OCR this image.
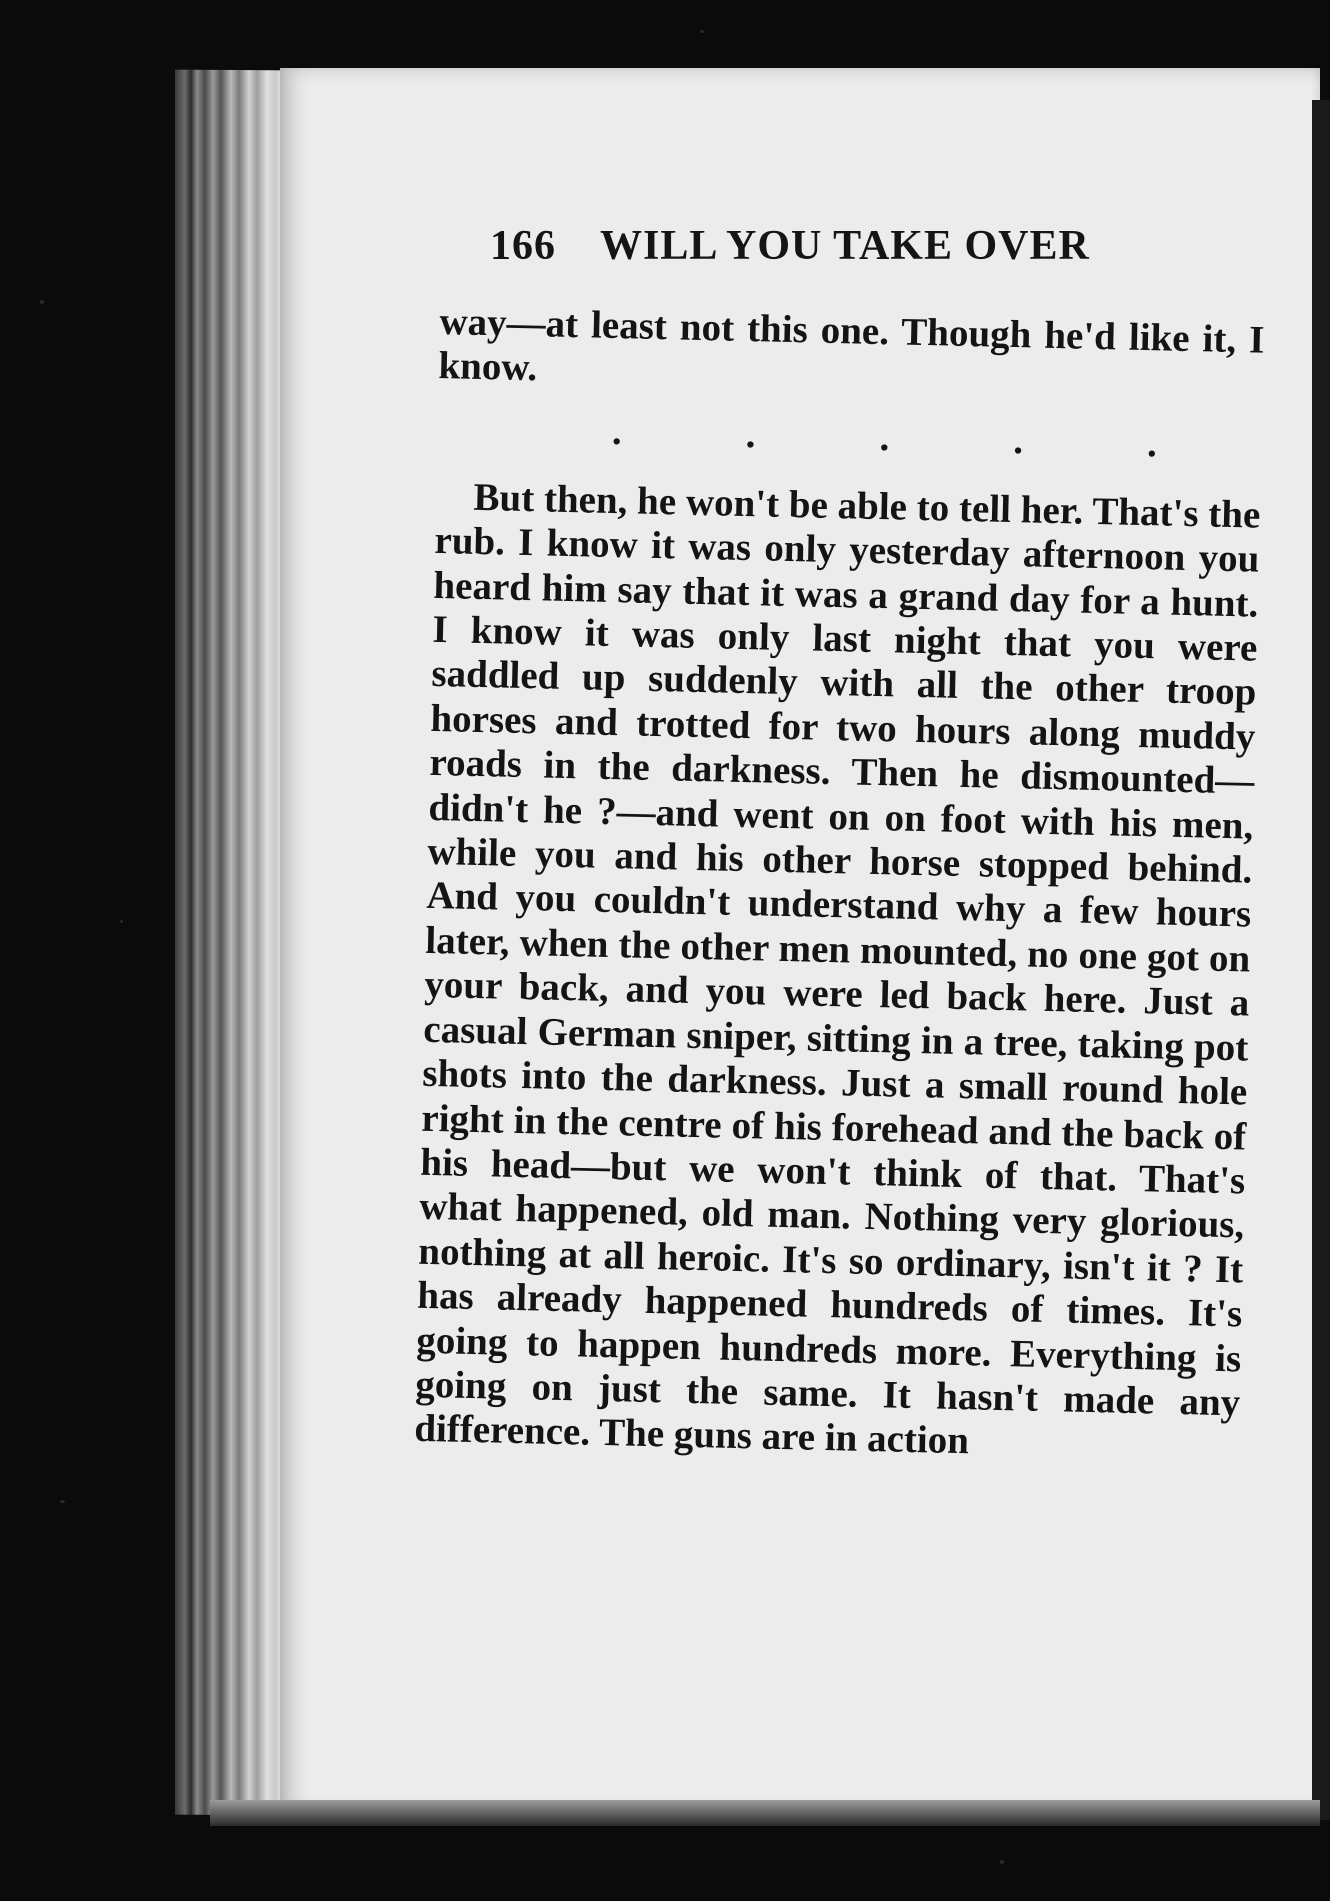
166 WILL YOU TAKE OVER

way—at least not this one. Though he'd like it, I know.

.	.	.	.	.

But then, he won't be able to tell her. That's the rub. I know it was only yesterday afternoon you heard him say that it was a grand day for a hunt. I know it was only last night that you were saddled up suddenly with all the other troop horses and trotted for two hours along muddy roads in the darkness. Then he dismounted—didn't he ?—and went on on foot with his men, while you and his other horse stopped behind. And you couldn't understand why a few hours later, when the other men mounted, no one got on your back, and you were led back here. Just a casual German sniper, sitting in a tree, taking pot shots into the darkness. Just a small round hole right in the centre of his forehead and the back of his head—but we won't think of that. That's what happened, old man. Nothing very glorious, nothing at all heroic. It's so ordinary, isn't it ? It has already happened hundreds of times. It's going to happen hundreds more. Everything is going on just the same. It hasn't made any difference. The guns are in action
